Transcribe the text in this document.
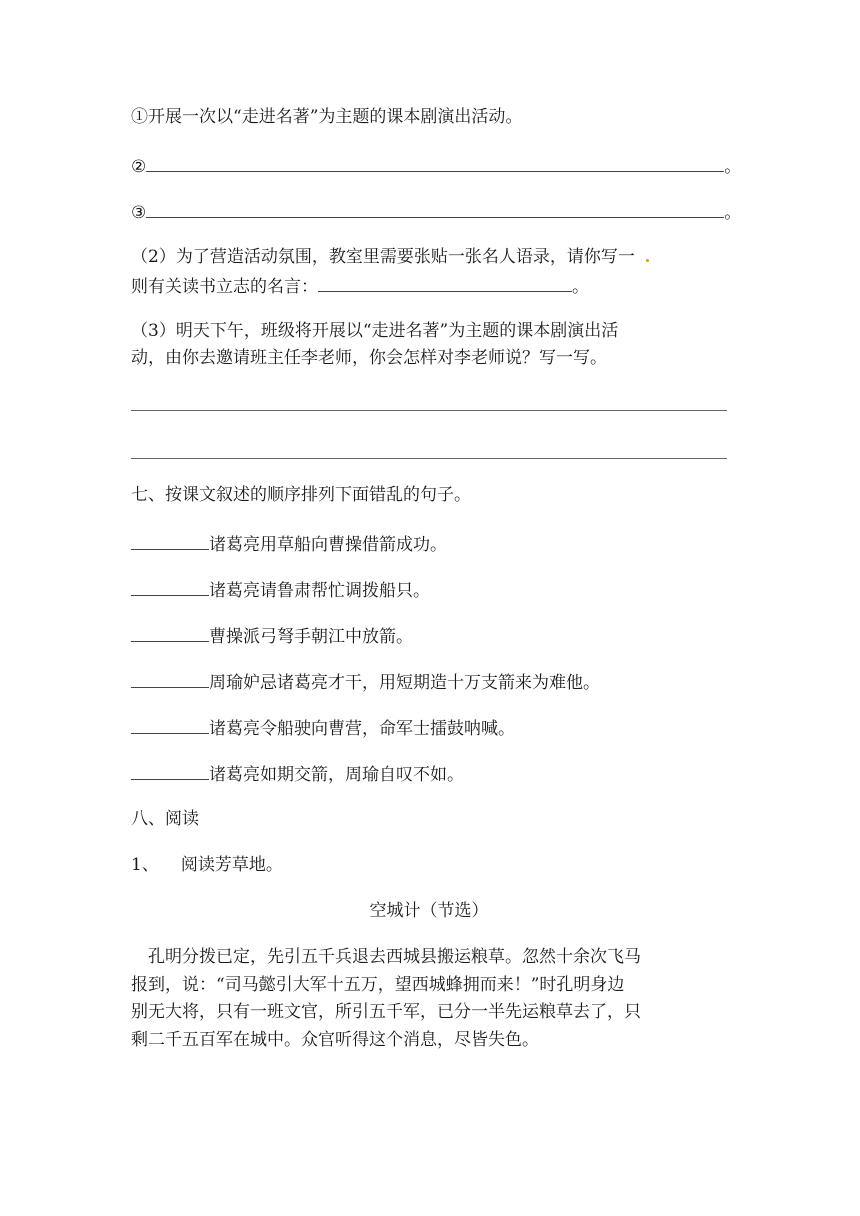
①开展一次以“走进名著”为主题的课本剧演出活动。
②	。
③	。
（2）为了营造活动氛围，教室里需要张贴一张名人语录，请你写一
则有关读书立志的名言：	。
（3）明天下午，班级将开展以“走进名著”为主题的课本剧演出活
动，由你去邀请班主任李老师，你会怎样对李老师说？写一写。
七、按课文叙述的顺序排列下面错乱的句子。
诸葛亮用草船向曹操借箭成功。
诸葛亮请鲁肃帮忙调拨船只。
曹操派弓弩手朝江中放箭。
周瑜妒忌诸葛亮才干，用短期造十万支箭来为难他。
诸葛亮令船驶向曹营，命军士擂鼓呐喊。
诸葛亮如期交箭，周瑜自叹不如。
八、阅读
1、 阅读芳草地。
空城计（节选）
孔明分拨已定，先引五千兵退去西城县搬运粮草。忽然十余次飞马
报到，说：“司马懿引大军十五万，望西城蜂拥而来！”时孔明身边
别无大将，只有一班文官，所引五千军，已分一半先运粮草去了，只
剩二千五百军在城中。众官听得这个消息，尽皆失色。
